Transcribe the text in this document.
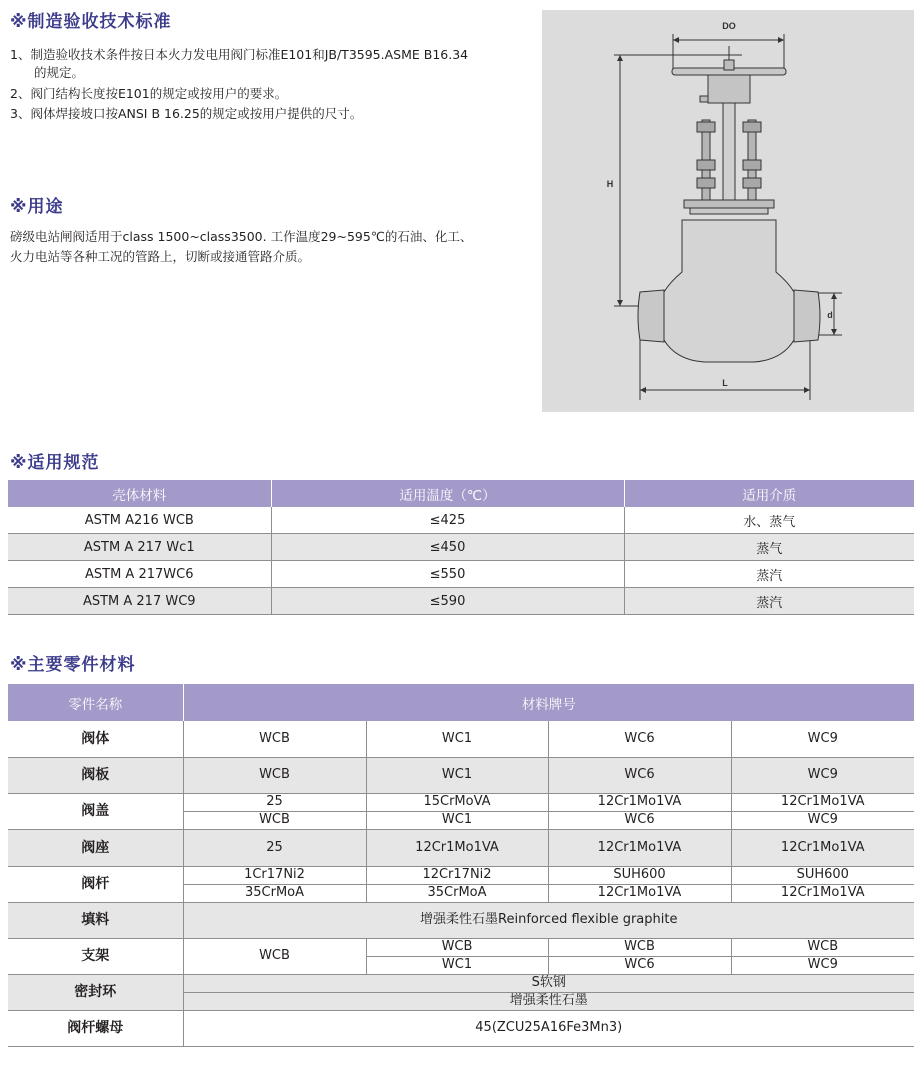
※制造验收技术标准

1、制造验收技术条件按日本火力发电用阀门标准E101和JB/T3595.ASME B16.34

的规定。

2、阀门结构长度按E101的规定或按用户的要求。

3、阀体焊接坡口按ANSI B 16.25的规定或按用户提供的尺寸。

※用途

磅级电站闸阀适用于class 1500~class3500. 工作温度29~595℃的石油、化工、

火力电站等各种工况的管路上，切断或接通管路介质。

DO
H
d
L
※适用规范
壳体材料	适用温度（℃）	适用介质
ASTM A216 WCB	≤425	水、蒸气
ASTM A 217 Wc1	≤450	蒸气
ASTM A 217WC6	≤550	蒸汽
ASTM A 217 WC9	≤590	蒸汽
※主要零件材料
零件名称	材料牌号			
阀体	WCB	WC1	WC6	WC9
阀板	WCB	WC1	WC6	WC9
阀盖	25	15CrMoVA	12Cr1Mo1VA	12Cr1Mo1VA
	WCB	WC1	WC6	WC9
阀座	25	12Cr1Mo1VA	12Cr1Mo1VA	12Cr1Mo1VA
阀杆	1Cr17Ni2	12Cr17Ni2	SUH600	SUH600
	35CrMoA	35CrMoA	12Cr1Mo1VA	12Cr1Mo1VA
填料	增强柔性石墨Reinforced flexible graphite			
支架	WCB	WCB	WCB	WCB
		WC1	WC6	WC9
密封环	S软钢			
	增强柔性石墨			
阀杆螺母	45(ZCU25A16Fe3Mn3)			
